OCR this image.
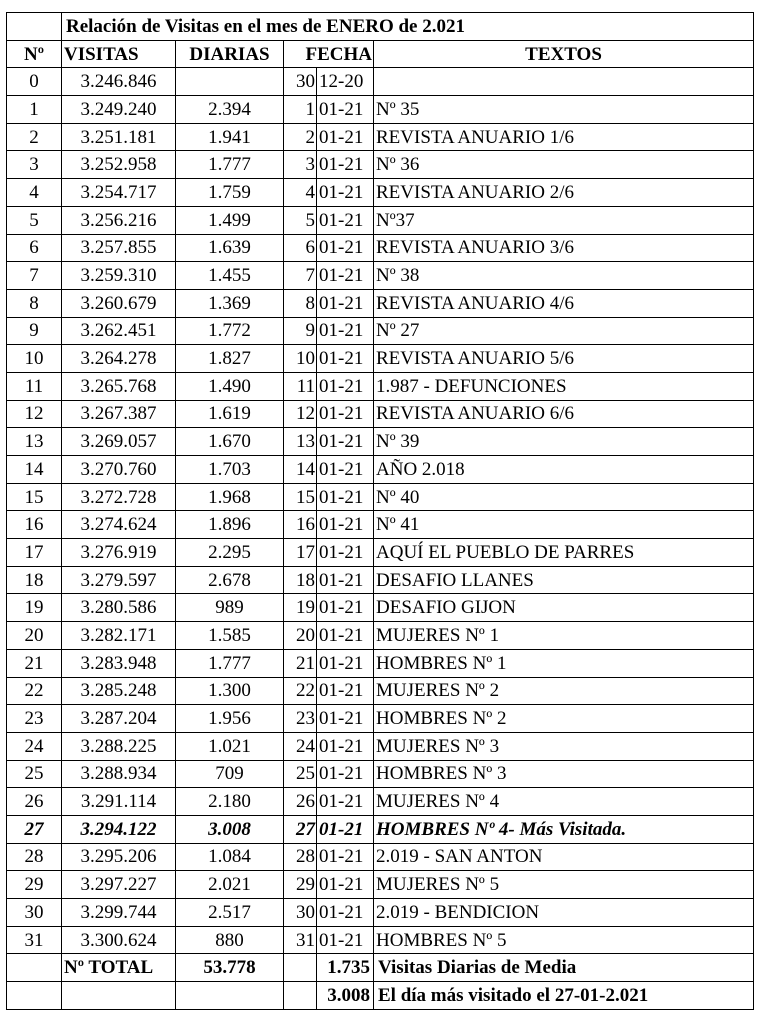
	Relación de Visitas en el mes de ENERO de 2.021				
Nº	VISITAS	DIARIAS	FECHA		TEXTOS
0	3.246.846		30	12-20	
1	3.249.240	2.394	1	01-21	Nº 35
2	3.251.181	1.941	2	01-21	REVISTA ANUARIO 1/6
3	3.252.958	1.777	3	01-21	Nº 36
4	3.254.717	1.759	4	01-21	REVISTA ANUARIO 2/6
5	3.256.216	1.499	5	01-21	Nº37
6	3.257.855	1.639	6	01-21	REVISTA ANUARIO 3/6
7	3.259.310	1.455	7	01-21	Nº 38
8	3.260.679	1.369	8	01-21	REVISTA ANUARIO 4/6
9	3.262.451	1.772	9	01-21	Nº 27
10	3.264.278	1.827	10	01-21	REVISTA ANUARIO 5/6
11	3.265.768	1.490	11	01-21	1.987 - DEFUNCIONES
12	3.267.387	1.619	12	01-21	REVISTA ANUARIO 6/6
13	3.269.057	1.670	13	01-21	Nº 39
14	3.270.760	1.703	14	01-21	AÑO 2.018
15	3.272.728	1.968	15	01-21	Nº 40
16	3.274.624	1.896	16	01-21	Nº 41
17	3.276.919	2.295	17	01-21	AQUÍ EL PUEBLO DE PARRES
18	3.279.597	2.678	18	01-21	DESAFIO LLANES
19	3.280.586	989	19	01-21	DESAFIO GIJON
20	3.282.171	1.585	20	01-21	MUJERES Nº 1
21	3.283.948	1.777	21	01-21	HOMBRES Nº 1
22	3.285.248	1.300	22	01-21	MUJERES Nº 2
23	3.287.204	1.956	23	01-21	HOMBRES Nº 2
24	3.288.225	1.021	24	01-21	MUJERES Nº 3
25	3.288.934	709	25	01-21	HOMBRES Nº 3
26	3.291.114	2.180	26	01-21	MUJERES Nº 4
27	3.294.122	3.008	27	01-21	HOMBRES Nº 4- Más Visitada.
28	3.295.206	1.084	28	01-21	2.019 - SAN ANTON
29	3.297.227	2.021	29	01-21	MUJERES Nº 5
30	3.299.744	2.517	30	01-21	2.019 - BENDICION
31	3.300.624	880	31	01-21	HOMBRES Nº 5
	Nº TOTAL	53.778		1.735	Visitas Diarias de Media
				3.008	El día más visitado el 27-01-2.021
